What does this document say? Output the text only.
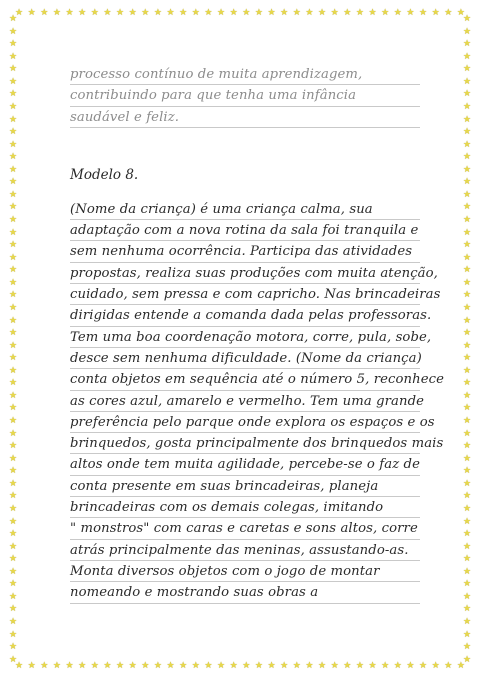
★ ★ ★ ★ ★ ★ ★ ★ ★ ★ ★ ★ ★ ★ ★ ★ ★ ★ ★ ★ ★ ★ ★ ★ ★ ★ ★ ★ ★ ★ ★ ★ ★ ★ ★ ★
★ ★ ★ ★ ★ ★ ★ ★ ★ ★ ★ ★ ★ ★ ★ ★ ★ ★ ★ ★ ★ ★ ★ ★ ★ ★ ★ ★ ★ ★ ★ ★ ★ ★ ★ ★
★
★
★
★
★
★
★
★
★
★
★
★
★
★
★
★
★
★
★
★
★
★
★
★
★
★
★
★
★
★
★
★
★
★
★
★
★
★
★
★
★
★
★
★
★
★
★
★
★
★
★
★
★
★
★
★
★
★
★
★
★
★
★
★
★
★
★
★
★
★
★
★
★
★
★
★
★
★
★
★
★
★
★
★
★
★
★
★
★
★
★
★
★
★
★
★
★
★
★
★
★
★
★
★
processo contínuo de muita aprendizagem,
contribuindo para que tenha uma infância
saudável e feliz.
Modelo 8.
(Nome da criança) é uma criança calma, sua
adaptação com a nova rotina da sala foi tranquila e
sem nenhuma ocorrência. Participa das atividades
propostas, realiza suas produções com muita atenção,
cuidado, sem pressa e com capricho. Nas brincadeiras
dirigidas entende a comanda dada pelas professoras.
Tem uma boa coordenação motora, corre, pula, sobe,
desce sem nenhuma dificuldade. (Nome da criança)
conta objetos em sequência até o número 5, reconhece
as cores azul, amarelo e vermelho. Tem uma grande
preferência pelo parque onde explora os espaços e os
brinquedos, gosta principalmente dos brinquedos mais
altos onde tem muita agilidade, percebe-se o faz de
conta presente em suas brincadeiras, planeja
brincadeiras com os demais colegas, imitando
" monstros" com caras e caretas e sons altos, corre
atrás principalmente das meninas, assustando-as.
Monta diversos objetos com o jogo de montar
nomeando e mostrando suas obras a
